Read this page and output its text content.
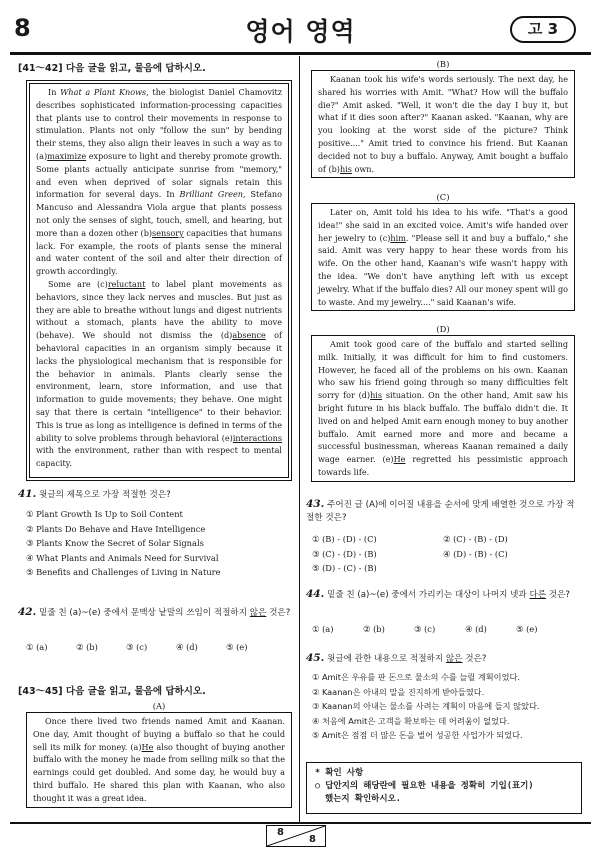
8	영어 영역	고 3
[41～42] 다음 글을 읽고, 물음에 답하시오.

In What a Plant Knows, the biologist Daniel Chamovitz describes sophisticated information-processing capacities that plants use to control their movements in response to stimulation. Plants not only "follow the sun" by bending their stems, they also align their leaves in such a way as to (a)maximize exposure to light and thereby promote growth. Some plants actually anticipate sunrise from "memory," and even when deprived of solar signals retain this information for several days. In Brilliant Green, Stefano Mancuso and Alessandra Viola argue that plants possess not only the senses of sight, touch, smell, and hearing, but more than a dozen other (b)sensory capacities that humans lack. For example, the roots of plants sense the mineral and water content of the soil and alter their direction of growth accordingly.

Some are (c)reluctant to label plant movements as behaviors, since they lack nerves and muscles. But just as they are able to breathe without lungs and digest nutrients without a stomach, plants have the ability to move (behave). We should not dismiss the (d)absence of behavioral capacities in an organism simply because it lacks the physiological mechanism that is responsible for the behavior in animals. Plants clearly sense the environment, learn, store information, and use that information to guide movements; they behave. One might say that there is certain "intelligence" to their behavior. This is true as long as intelligence is defined in terms of the ability to solve problems through behavioral (e)interactions with the environment, rather than with respect to mental capacity.

41. 윗글의 제목으로 가장 적절한 것은?
① Plant Growth Is Up to Soil Content
② Plants Do Behave and Have Intelligence
③ Plants Know the Secret of Solar Signals
④ What Plants and Animals Need for Survival
⑤ Benefits and Challenges of Living in Nature
42. 밑줄 친 (a)~(e) 중에서 문맥상 낱말의 쓰임이 적절하지 않은 것은?
① (a)	② (b)	③ (c)	④ (d)	⑤ (e)
[43～45] 다음 글을 읽고, 물음에 답하시오.
(A)

Once there lived two friends named Amit and Kaanan. One day, Amit thought of buying a buffalo so that he could sell its milk for money. (a)He also thought of buying another buffalo with the money he made from selling milk so that the earnings could get doubled. And some day, he would buy a third buffalo. He shared this plan with Kaanan, who also thought it was a great idea.

(B)

Kaanan took his wife's words seriously. The next day, he shared his worries with Amit. "What? How will the buffalo die?" Amit asked. "Well, it won't die the day I buy it, but what if it dies soon after?" Kaanan asked. "Kaanan, why are you looking at the worst side of the picture? Think positive...." Amit tried to convince his friend. But Kaanan decided not to buy a buffalo. Anyway, Amit bought a buffalo of (b)his own.

(C)

Later on, Amit told his idea to his wife. "That's a good idea!" she said in an excited voice. Amit's wife handed over her jewelry to (c)him. "Please sell it and buy a buffalo," she said. Amit was very happy to hear these words from his wife. On the other hand, Kaanan's wife wasn't happy with the idea. "We don't have anything left with us except jewelry. What if the buffalo dies? All our money spent will go to waste. And my jewelry...." said Kaanan's wife.

(D)

Amit took good care of the buffalo and started selling milk. Initially, it was difficult for him to find customers. However, he faced all of the problems on his own. Kaanan who saw his friend going through so many difficulties felt sorry for (d)his situation. On the other hand, Amit saw his bright future in his black buffalo. The buffalo didn't die. It lived on and helped Amit earn enough money to buy another buffalo. Amit earned more and more and became a successful businessman, whereas Kaanan remained a daily wage earner. (e)He regretted his pessimistic approach towards life.

43. 주어진 글 (A)에 이어질 내용을 순서에 맞게 배열한 것으로 가장 적절한 것은?
① (B) - (D) - (C)	② (C) - (B) - (D)
③ (C) - (D) - (B)	④ (D) - (B) - (C)
⑤ (D) - (C) - (B)
44. 밑줄 친 (a)~(e) 중에서 가리키는 대상이 나머지 넷과 다른 것은?
① (a)	② (b)	③ (c)	④ (d)	⑤ (e)
45. 윗글에 관한 내용으로 적절하지 않은 것은?
① Amit은 우유를 판 돈으로 물소의 수를 늘릴 계획이었다.
② Kaanan은 아내의 말을 진지하게 받아들였다.
③ Kaanan의 아내는 물소를 사려는 계획이 마음에 들지 않았다.
④ 처음에 Amit은 고객을 확보하는 데 어려움이 없었다.
⑤ Amit은 점점 더 많은 돈을 벌어 성공한 사업가가 되었다.
* 확인 사항
○ 답안지의 해당란에 필요한 내용을 정확히 기입(표기)
했는지 확인하시오.
8
8
